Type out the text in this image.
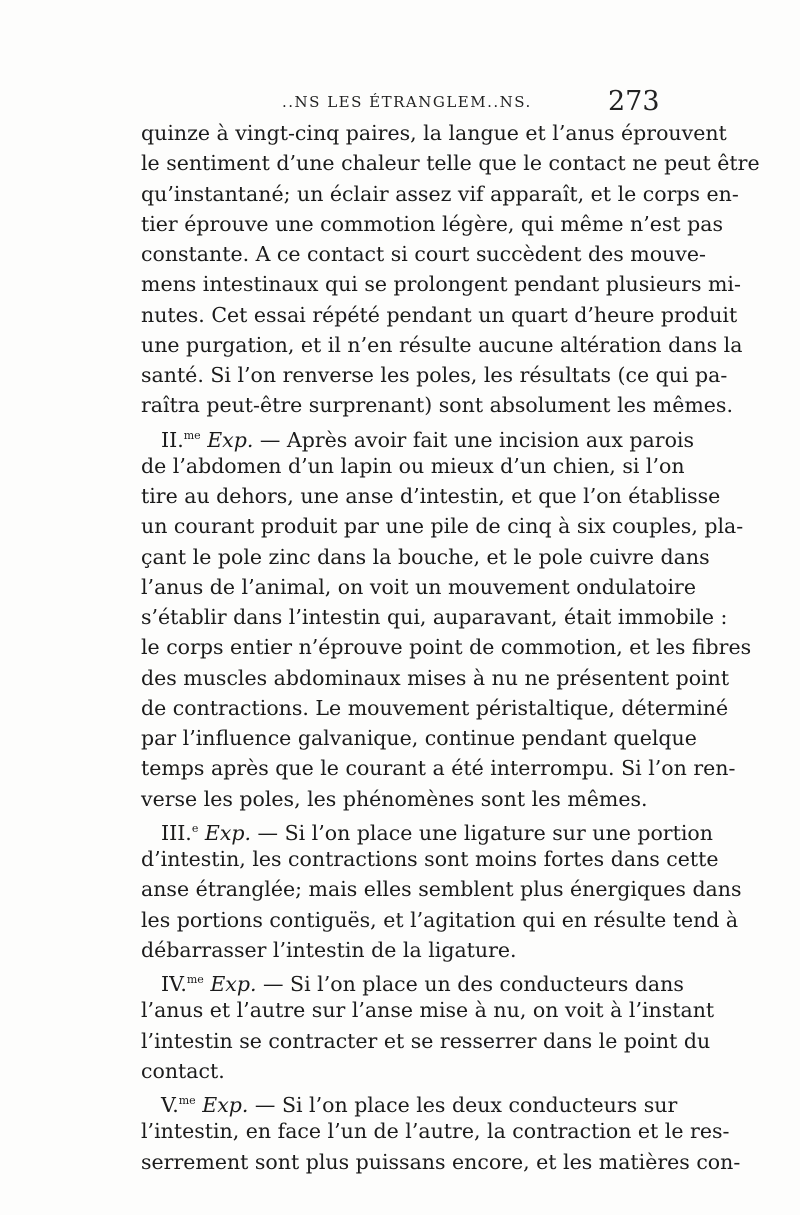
..NS LES ÉTRANGLEM..NS.	273
quinze à vingt-cinq paires, la langue et l’anus éprouvent
le sentiment d’une chaleur telle que le contact ne peut être
qu’instantané; un éclair assez vif apparaît, et le corps en-
tier éprouve une commotion légère, qui même n’est pas
constante. A ce contact si court succèdent des mouve-
mens intestinaux qui se prolongent pendant plusieurs mi-
nutes. Cet essai répété pendant un quart d’heure produit
une purgation, et il n’en résulte aucune altération dans la
santé. Si l’on renverse les poles, les résultats (ce qui pa-
raîtra peut-être surprenant) sont absolument les mêmes.
II.$^{me}$ Exp. — Après avoir fait une incision aux parois
de l’abdomen d’un lapin ou mieux d’un chien, si l’on
tire au dehors, une anse d’intestin, et que l’on établisse
un courant produit par une pile de cinq à six couples, pla-
çant le pole zinc dans la bouche, et le pole cuivre dans
l’anus de l’animal, on voit un mouvement ondulatoire
s’établir dans l’intestin qui, auparavant, était immobile :
le corps entier n’éprouve point de commotion, et les fibres
des muscles abdominaux mises à nu ne présentent point
de contractions. Le mouvement péristaltique, déterminé
par l’influence galvanique, continue pendant quelque
temps après que le courant a été interrompu. Si l’on ren-
verse les poles, les phénomènes sont les mêmes.
III.$^e$ Exp. — Si l’on place une ligature sur une portion
d’intestin, les contractions sont moins fortes dans cette
anse étranglée; mais elles semblent plus énergiques dans
les portions contiguës, et l’agitation qui en résulte tend à
débarrasser l’intestin de la ligature.
IV.$^{me}$ Exp. — Si l’on place un des conducteurs dans
l’anus et l’autre sur l’anse mise à nu, on voit à l’instant
l’intestin se contracter et se resserrer dans le point du
contact.
V.$^{me}$ Exp. — Si l’on place les deux conducteurs sur
l’intestin, en face l’un de l’autre, la contraction et le res-
serrement sont plus puissans encore, et les matières con-
